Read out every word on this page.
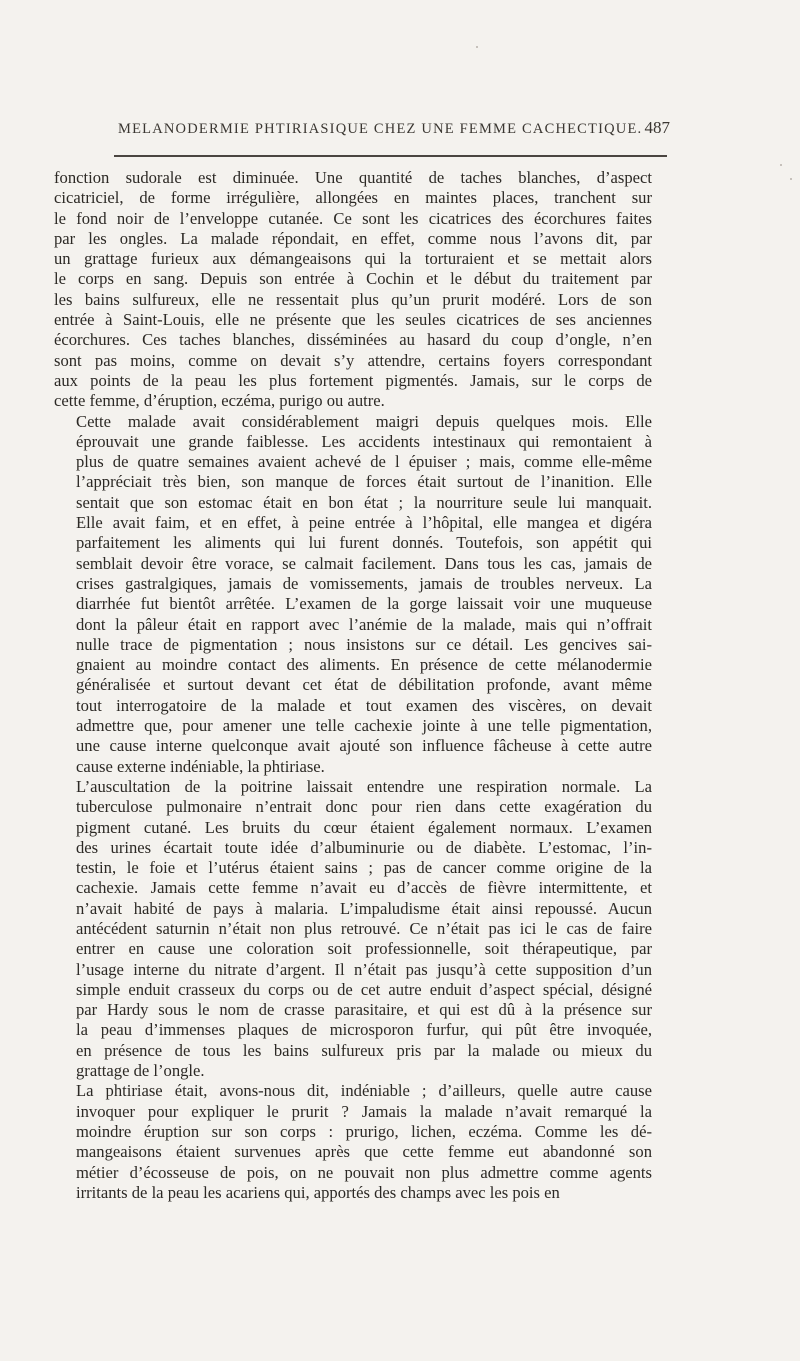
MELANODERMIE PHTIRIASIQUE CHEZ UNE FEMME CACHECTIQUE. 487

fonction sudorale est diminuée. Une quantité de taches blanches, d’aspect
cicatriciel, de forme irrégulière, allongées en maintes places, tranchent sur
le fond noir de l’enveloppe cutanée. Ce sont les cicatrices des écorchures faites
par les ongles. La malade répondait, en effet, comme nous l’avons dit, par
un grattage furieux aux démangeaisons qui la torturaient et se mettait alors
le corps en sang. Depuis son entrée à Cochin et le début du traitement par
les bains sulfureux, elle ne ressentait plus qu’un prurit modéré. Lors de son
entrée à Saint-Louis, elle ne présente que les seules cicatrices de ses anciennes
écorchures. Ces taches blanches, disséminées au hasard du coup d’ongle, n’en
sont pas moins, comme on devait s’y attendre, certains foyers correspondant
aux points de la peau les plus fortement pigmentés. Jamais, sur le corps de
cette femme, d’éruption, eczéma, purigo ou autre.

Cette malade avait considérablement maigri depuis quelques mois. Elle
éprouvait une grande faiblesse. Les accidents intestinaux qui remontaient à
plus de quatre semaines avaient achevé de l épuiser ; mais, comme elle-même
l’appréciait très bien, son manque de forces était surtout de l’inanition. Elle
sentait que son estomac était en bon état ; la nourriture seule lui manquait.
Elle avait faim, et en effet, à peine entrée à l’hôpital, elle mangea et digéra
parfaitement les aliments qui lui furent donnés. Toutefois, son appétit qui
semblait devoir être vorace, se calmait facilement. Dans tous les cas, jamais de
crises gastralgiques, jamais de vomissements, jamais de troubles nerveux. La
diarrhée fut bientôt arrêtée. L’examen de la gorge laissait voir une muqueuse
dont la pâleur était en rapport avec l’anémie de la malade, mais qui n’offrait
nulle trace de pigmentation ; nous insistons sur ce détail. Les gencives sai-
gnaient au moindre contact des aliments. En présence de cette mélanodermie
généralisée et surtout devant cet état de débilitation profonde, avant même
tout interrogatoire de la malade et tout examen des viscères, on devait
admettre que, pour amener une telle cachexie jointe à une telle pigmentation,
une cause interne quelconque avait ajouté son influence fâcheuse à cette autre
cause externe indéniable, la phtiriase.

L’auscultation de la poitrine laissait entendre une respiration normale. La
tuberculose pulmonaire n’entrait donc pour rien dans cette exagération du
pigment cutané. Les bruits du cœur étaient également normaux. L’examen
des urines écartait toute idée d’albuminurie ou de diabète. L’estomac, l’in-
testin, le foie et l’utérus étaient sains ; pas de cancer comme origine de la
cachexie. Jamais cette femme n’avait eu d’accès de fièvre intermittente, et
n’avait habité de pays à malaria. L’impaludisme était ainsi repoussé. Aucun
antécédent saturnin n’était non plus retrouvé. Ce n’était pas ici le cas de faire
entrer en cause une coloration soit professionnelle, soit thérapeutique, par
l’usage interne du nitrate d’argent. Il n’était pas jusqu’à cette supposition d’un
simple enduit crasseux du corps ou de cet autre enduit d’aspect spécial, désigné
par Hardy sous le nom de crasse parasitaire, et qui est dû à la présence sur
la peau d’immenses plaques de microsporon furfur, qui pût être invoquée,
en présence de tous les bains sulfureux pris par la malade ou mieux du
grattage de l’ongle.

La phtiriase était, avons-nous dit, indéniable ; d’ailleurs, quelle autre cause
invoquer pour expliquer le prurit ? Jamais la malade n’avait remarqué la
moindre éruption sur son corps : prurigo, lichen, eczéma. Comme les dé-
mangeaisons étaient survenues après que cette femme eut abandonné son
métier d’écosseuse de pois, on ne pouvait non plus admettre comme agents
irritants de la peau les acariens qui, apportés des champs avec les pois en
